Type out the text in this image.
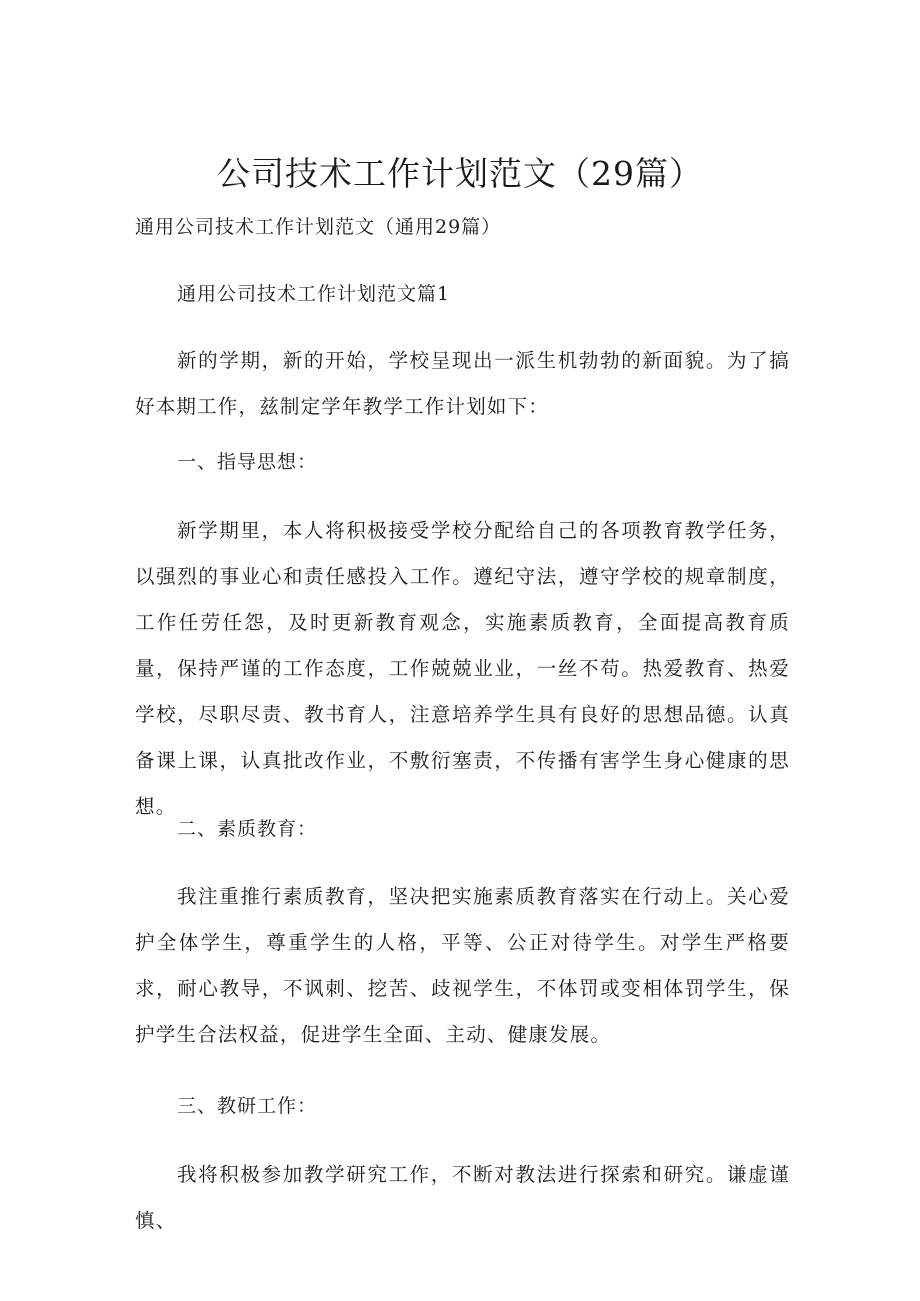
公司技术工作计划范文（29篇）

通用公司技术工作计划范文（通用29篇）

通用公司技术工作计划范文篇1

新的学期，新的开始，学校呈现出一派生机勃勃的新面貌。为了搞好本期工作，兹制定学年教学工作计划如下：

一、指导思想：

新学期里，本人将积极接受学校分配给自己的各项教育教学任务，以强烈的事业心和责任感投入工作。遵纪守法，遵守学校的规章制度，工作任劳任怨，及时更新教育观念，实施素质教育，全面提高教育质量，保持严谨的工作态度，工作兢兢业业，一丝不苟。热爱教育、热爱学校，尽职尽责、教书育人，注意培养学生具有良好的思想品德。认真备课上课，认真批改作业，不敷衍塞责，不传播有害学生身心健康的思想。

二、素质教育：

我注重推行素质教育，坚决把实施素质教育落实在行动上。关心爱护全体学生，尊重学生的人格，平等、公正对待学生。对学生严格要求，耐心教导，不讽刺、挖苦、歧视学生，不体罚或变相体罚学生，保护学生合法权益，促进学生全面、主动、健康发展。

三、教研工作：

我将积极参加教学研究工作，不断对教法进行探索和研究。谦虚谨慎、
